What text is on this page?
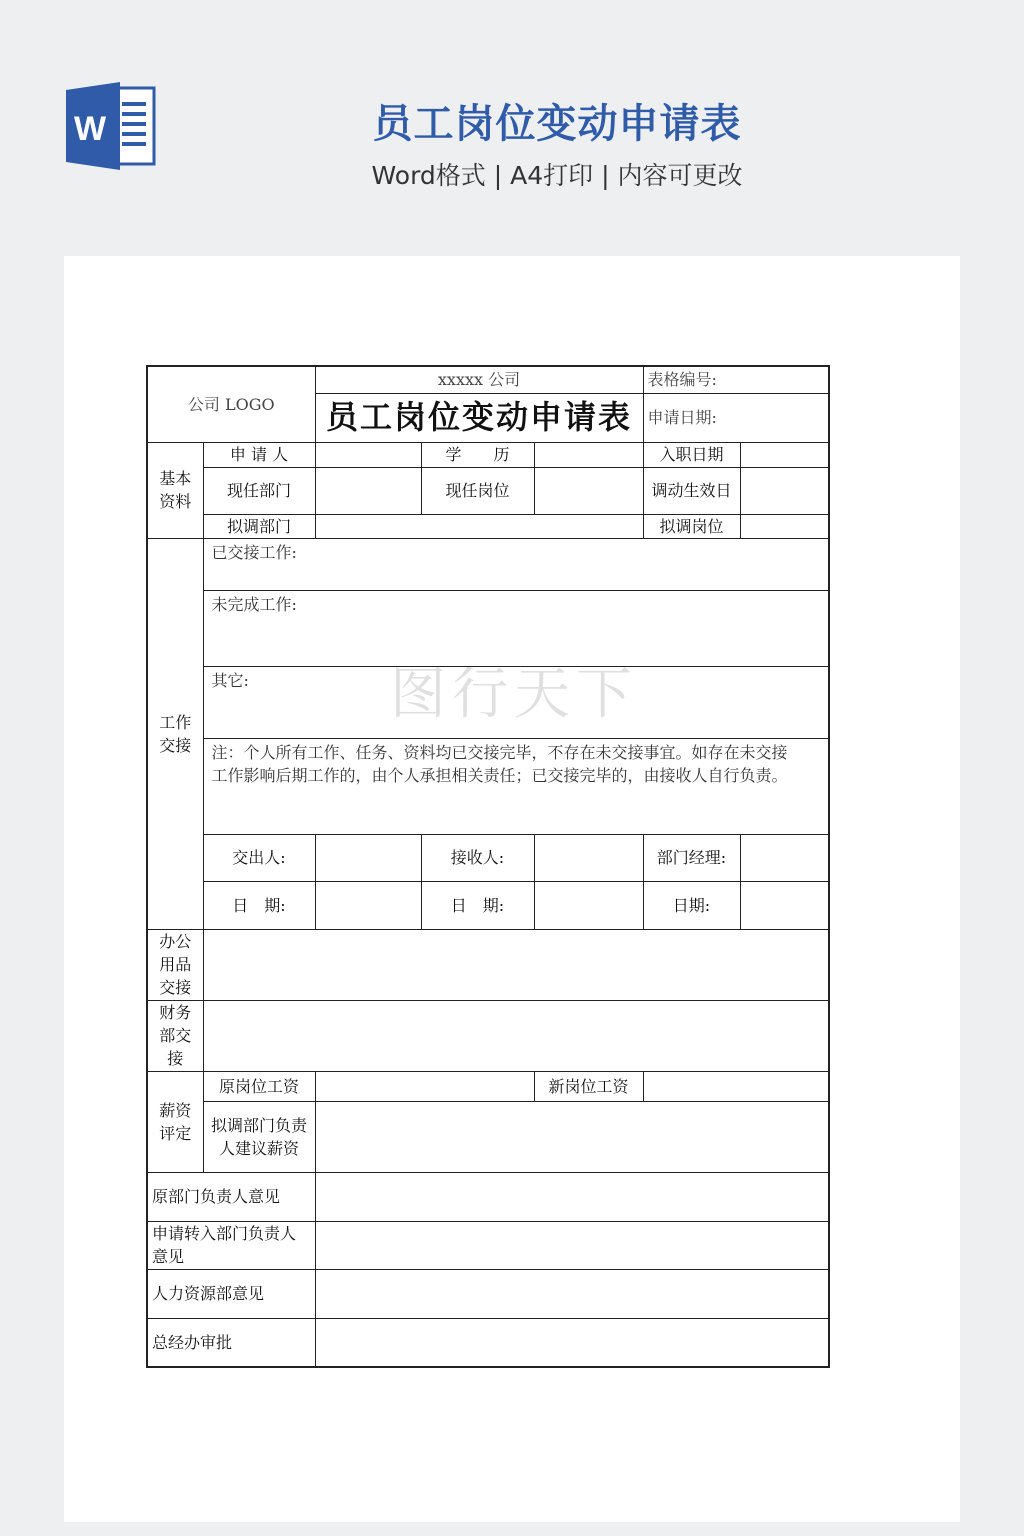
W	员工岗位变动申请表
Word格式 | A4打印 | 内容可更改
公司 LOGO		xxxxx 公司			表格编号:	
		员工岗位变动申请表			申请日期:	
基本资料	申 请 人		学　　历		入职日期	
	现任部门		现任岗位		调动生效日	
	拟调部门				拟调岗位	
工作交接	已交接工作:					
	未完成工作:					
	其它:					

	注：个人所有工作、任务、资料均已交接完毕，不存在未交接事宜。如存在未交接
工作影响后期工作的，由个人承担相关责任；已交接完毕的，由接收人自行负责。					

	交出人:		接收人:		部门经理:	
	日　期:		日　期:		日期:	
办公用品交接						
财务部交接						
薪资评定	原岗位工资			新岗位工资		
	拟调部门负责人建议薪资					
原部门负责人意见						
申请转入部门负责人意见						
人力资源部意见						
总经办审批						
图行天下
